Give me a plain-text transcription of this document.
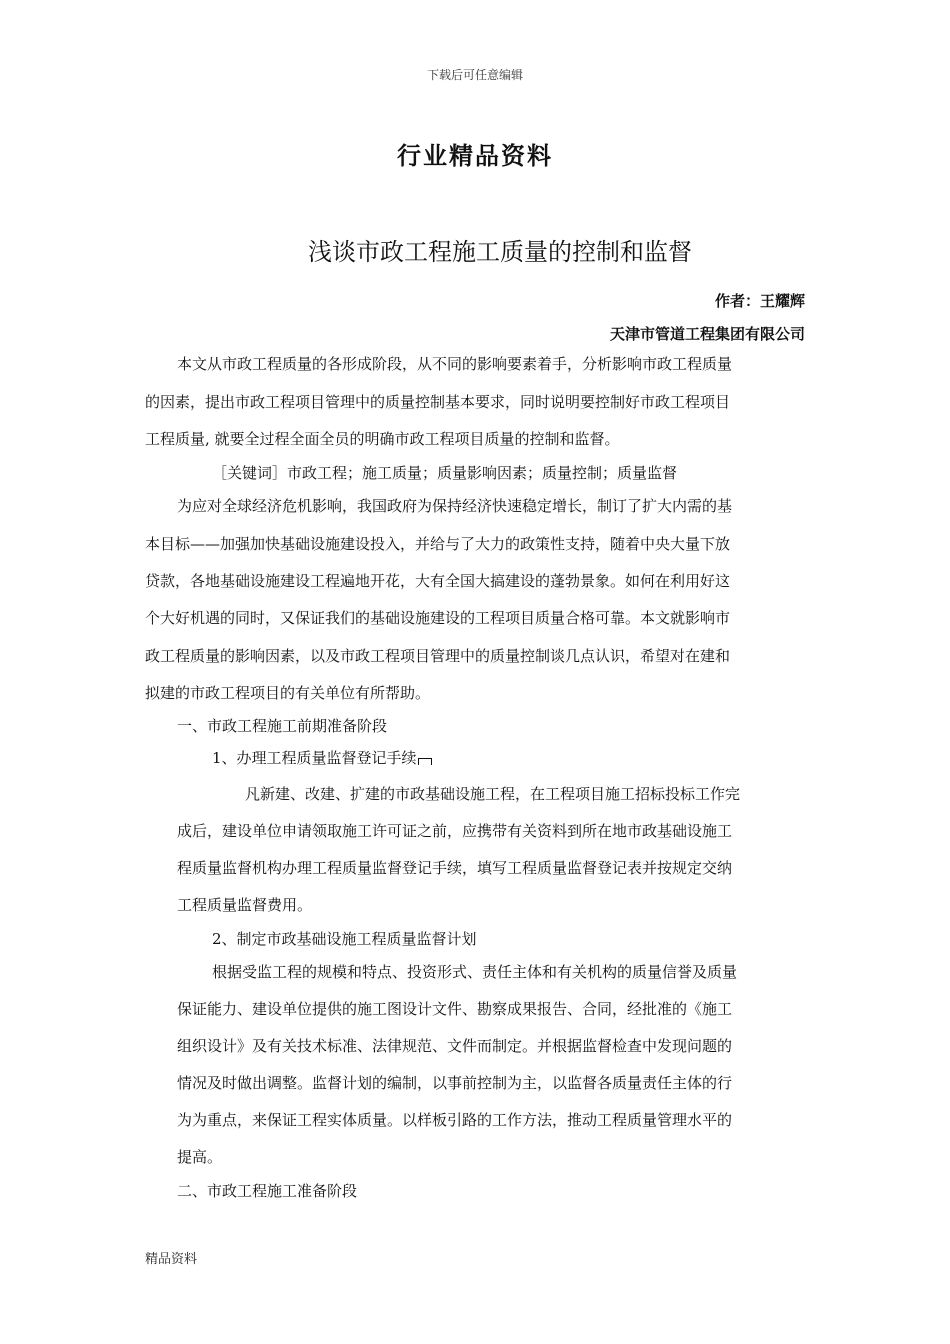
下载后可任意编辑
行业精品资料
浅谈市政工程施工质量的控制和监督
作者：王耀辉
天津市管道工程集团有限公司
本文从市政工程质量的各形成阶段，从不同的影响要素着手，分析影响市政工程质量
的因素，提出市政工程项目管理中的质量控制基本要求，同时说明要控制好市政工程项目
工程质量, 就要全过程全面全员的明确市政工程项目质量的控制和监督。
［关键词］市政工程；施工质量；质量影响因素；质量控制；质量监督
为应对全球经济危机影响，我国政府为保持经济快速稳定增长，制订了扩大内需的基
本目标——加强加快基础设施建设投入，并给与了大力的政策性支持，随着中央大量下放
贷款，各地基础设施建设工程遍地开花，大有全国大搞建设的蓬勃景象。如何在利用好这
个大好机遇的同时，又保证我们的基础设施建设的工程项目质量合格可靠。本文就影响市
政工程质量的影响因素，以及市政工程项目管理中的质量控制谈几点认识，希望对在建和
拟建的市政工程项目的有关单位有所帮助。
一、市政工程施工前期准备阶段
1、办理工程质量监督登记手续
凡新建、改建、扩建的市政基础设施工程，在工程项目施工招标投标工作完
成后，建设单位申请领取施工许可证之前，应携带有关资料到所在地市政基础设施工
程质量监督机构办理工程质量监督登记手续，填写工程质量监督登记表并按规定交纳
工程质量监督费用。
2、制定市政基础设施工程质量监督计划
根据受监工程的规模和特点、投资形式、责任主体和有关机构的质量信誉及质量
保证能力、建设单位提供的施工图设计文件、勘察成果报告、合同，经批准的《施工
组织设计》及有关技术标准、法律规范、文件而制定。并根据监督检查中发现问题的
情况及时做出调整。监督计划的编制，以事前控制为主，以监督各质量责任主体的行
为为重点，来保证工程实体质量。以样板引路的工作方法，推动工程质量管理水平的
提高。
二、市政工程施工准备阶段
精品资料
